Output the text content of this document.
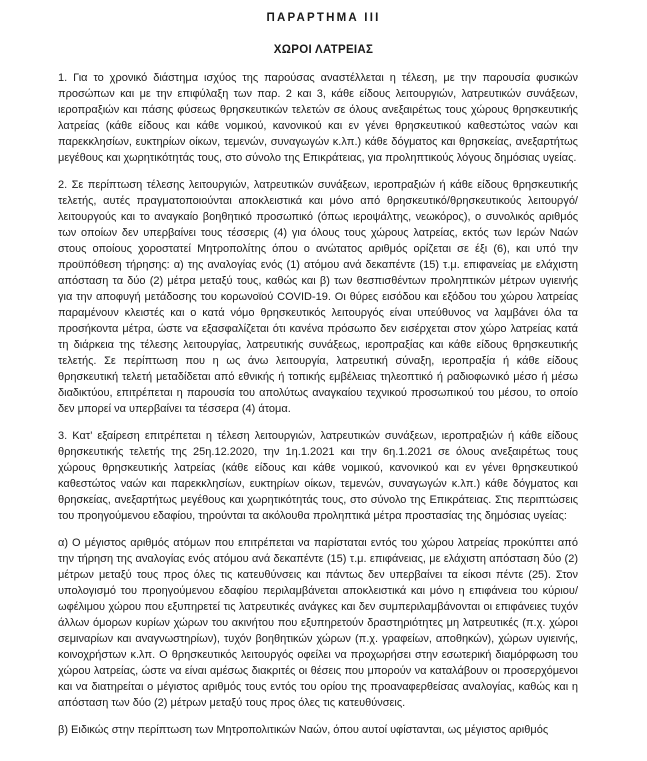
ΠΑΡΑΡΤΗΜΑ ΙΙΙ
ΧΩΡΟΙ ΛΑΤΡΕΙΑΣ

1. Για το χρονικό διάστημα ισχύος της παρούσας αναστέλλεται η τέλεση, με την παρουσία φυσικών προσώπων και με την επιφύλαξη των παρ. 2 και 3, κάθε είδους λειτουργιών, λατρευτικών συνάξεων, ιεροπραξιών και πάσης φύσεως θρησκευτικών τελετών σε όλους ανεξαιρέτως τους χώρους θρησκευτικής λατρείας (κάθε είδους και κάθε νομικού, κανονικού και εν γένει θρησκευτικού καθεστώτος ναών και παρεκκλησίων, ευκτηρίων οίκων, τεμενών, συναγωγών κ.λπ.) κάθε δόγματος και θρησκείας, ανεξαρτήτως μεγέθους και χωρητικότητάς τους, στο σύνολο της Επικράτειας, για προληπτικούς λόγους δημόσιας υγείας.

2. Σε περίπτωση τέλεσης λειτουργιών, λατρευτικών συνάξεων, ιεροπραξιών ή κάθε είδους θρησκευτικής τελετής, αυτές πραγματοποιούνται αποκλειστικά και μόνο από θρησκευτικό/θρησκευτικούς λειτουργό/λειτουργούς και το αναγκαίο βοηθητικό προσωπικό (όπως ιεροψάλτης, νεωκόρος), ο συνολικός αριθμός των οποίων δεν υπερβαίνει τους τέσσερις (4) για όλους τους χώρους λατρείας, εκτός των Ιερών Ναών στους οποίους χοροστατεί Μητροπολίτης όπου ο ανώτατος αριθμός ορίζεται σε έξι (6), και υπό την προϋπόθεση τήρησης: α) της αναλογίας ενός (1) ατόμου ανά δεκαπέντε (15) τ.μ. επιφανείας με ελάχιστη απόσταση τα δύο (2) μέτρα μεταξύ τους, καθώς και β) των θεσπισθέντων προληπτικών μέτρων υγιεινής για την αποφυγή μετάδοσης του κορωνοϊού COVID-19. Οι θύρες εισόδου και εξόδου του χώρου λατρείας παραμένουν κλειστές και ο κατά νόμο θρησκευτικός λειτουργός είναι υπεύθυνος να λαμβάνει όλα τα προσήκοντα μέτρα, ώστε να εξασφαλίζεται ότι κανένα πρόσωπο δεν εισέρχεται στον χώρο λατρείας κατά τη διάρκεια της τέλεσης λειτουργίας, λατρευτικής συνάξεως, ιεροπραξίας και κάθε είδους θρησκευτικής τελετής. Σε περίπτωση που η ως άνω λειτουργία, λατρευτική σύναξη, ιεροπραξία ή κάθε είδους θρησκευτική τελετή μεταδίδεται από εθνικής ή τοπικής εμβέλειας τηλεοπτικό ή ραδιοφωνικό μέσο ή μέσω διαδικτύου, επιτρέπεται η παρουσία του απολύτως αναγκαίου τεχνικού προσωπικού του μέσου, το οποίο δεν μπορεί να υπερβαίνει τα τέσσερα (4) άτομα.

3. Κατ’ εξαίρεση επιτρέπεται η τέλεση λειτουργιών, λατρευτικών συνάξεων, ιεροπραξιών ή κάθε είδους θρησκευτικής τελετής της 25η.12.2020, την 1η.1.2021 και την 6η.1.2021 σε όλους ανεξαιρέτως τους χώρους θρησκευτικής λατρείας (κάθε είδους και κάθε νομικού, κανονικού και εν γένει θρησκευτικού καθεστώτος ναών και παρεκκλησίων, ευκτηρίων οίκων, τεμενών, συναγωγών κ.λπ.) κάθε δόγματος και θρησκείας, ανεξαρτήτως μεγέθους και χωρητικότητάς τους, στο σύνολο της Επικράτειας. Στις περιπτώσεις του προηγούμενου εδαφίου, τηρούνται τα ακόλουθα προληπτικά μέτρα προστασίας της δημόσιας υγείας:

α) Ο μέγιστος αριθμός ατόμων που επιτρέπεται να παρίσταται εντός του χώρου λατρείας προκύπτει από την τήρηση της αναλογίας ενός ατόμου ανά δεκαπέντε (15) τ.μ. επιφάνειας, με ελάχιστη απόσταση δύο (2) μέτρων μεταξύ τους προς όλες τις κατευθύνσεις και πάντως δεν υπερβαίνει τα είκοσι πέντε (25). Στον υπολογισμό του προηγούμενου εδαφίου περιλαμβάνεται αποκλειστικά και μόνο η επιφάνεια του κύριου/ωφέλιμου χώρου που εξυπηρετεί τις λατρευτικές ανάγκες και δεν συμπεριλαμβάνονται οι επιφάνειες τυχόν άλλων όμορων κυρίων χώρων του ακινήτου που εξυπηρετούν δραστηριότητες μη λατρευτικές (π.χ. χώροι σεμιναρίων και αναγνωστηρίων), τυχόν βοηθητικών χώρων (π.χ. γραφείων, αποθηκών), χώρων υγιεινής, κοινοχρήστων κ.λπ. Ο θρησκευτικός λειτουργός οφείλει να προχωρήσει στην εσωτερική διαμόρφωση του χώρου λατρείας, ώστε να είναι αμέσως διακριτές οι θέσεις που μπορούν να καταλάβουν οι προσερχόμενοι και να διατηρείται ο μέγιστος αριθμός τους εντός του ορίου της προαναφερθείσας αναλογίας, καθώς και η απόσταση των δύο (2) μέτρων μεταξύ τους προς όλες τις κατευθύνσεις.

β) Ειδικώς στην περίπτωση των Μητροπολιτικών Ναών, όπου αυτοί υφίστανται, ως μέγιστος αριθμός
